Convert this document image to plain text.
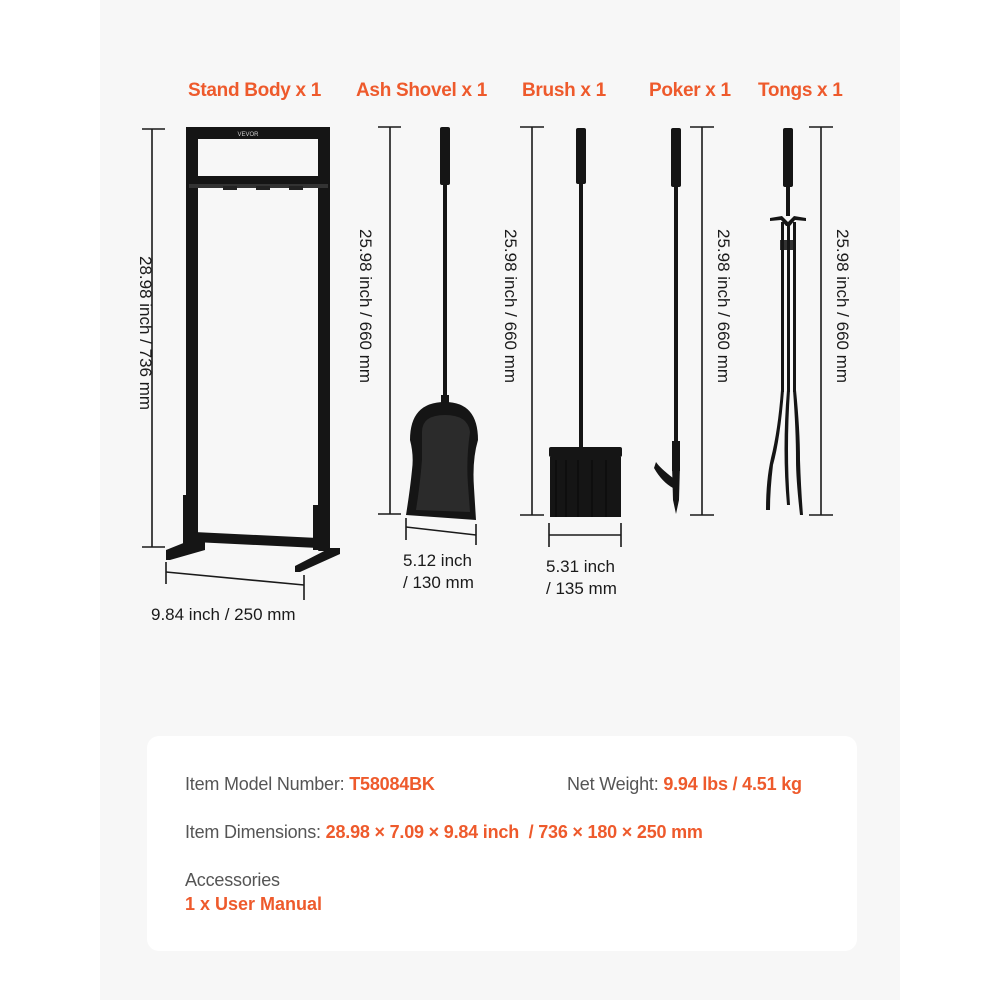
Stand Body x 1 Ash Shovel x 1 Brush x 1 Poker x 1 Tongs x 1
VEVOR
28.98 inch / 736 mm
9.84 inch / 250 mm
25.98 inch / 660 mm
5.12 inch
/ 130 mm
25.98 inch / 660 mm
5.31 inch
/ 135 mm
25.98 inch / 660 mm	25.98 inch / 660 mm
Item Model Number: T58084BK	Net Weight: 9.94 lbs / 4.51 kg
Item Dimensions: 28.98 × 7.09 × 9.84 inch  / 736 × 180 × 250 mm
Accessories
1 x User Manual
